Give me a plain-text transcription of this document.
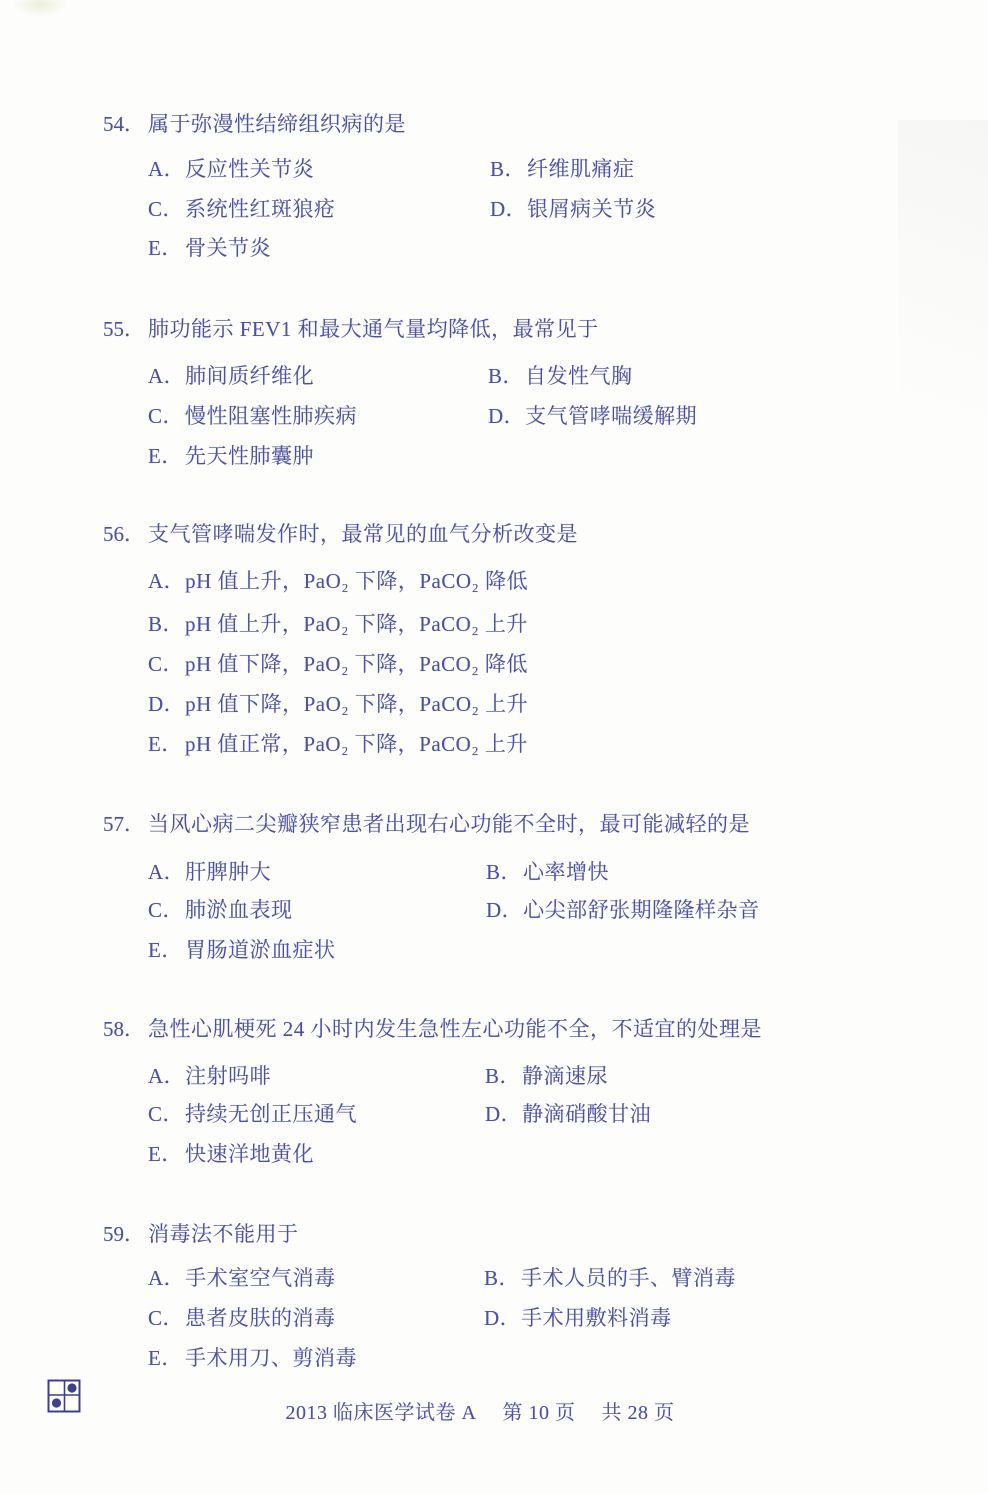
54． 属于弥漫性结缔组织病的是
A．反应性关节炎	B．纤维肌痛症
C．系统性红斑狼疮	D．银屑病关节炎
E． 骨关节炎
55． 肺功能示 FEV1 和最大通气量均降低，最常见于
A．肺间质纤维化	B．自发性气胸
C．慢性阻塞性肺疾病	D．支气管哮喘缓解期
E． 先天性肺囊肿
56． 支气管哮喘发作时，最常见的血气分析改变是
A．pH 值上升，PaO₂ 下降，PaCO₂ 降低
B．pH 值上升，PaO₂ 下降，PaCO₂ 上升
C．pH 值下降，PaO₂ 下降，PaCO₂ 降低
D．pH 值下降，PaO₂ 下降，PaCO₂ 上升
E． pH 值正常，PaO₂ 下降，PaCO₂ 上升
57． 当风心病二尖瓣狭窄患者出现右心功能不全时，最可能减轻的是
A．肝脾肿大	B．心率增快
C．肺淤血表现	D．心尖部舒张期隆隆样杂音
E． 胃肠道淤血症状
58． 急性心肌梗死 24 小时内发生急性左心功能不全，不适宜的处理是
A．注射吗啡	B．静滴速尿
C．持续无创正压通气	D．静滴硝酸甘油
E． 快速洋地黄化
59． 消毒法不能用于
A．手术室空气消毒	B．手术人员的手、臂消毒
C．患者皮肤的消毒	D．手术用敷料消毒
E． 手术用刀、剪消毒
2013 临床医学试卷 A 第 10 页 共 28 页
